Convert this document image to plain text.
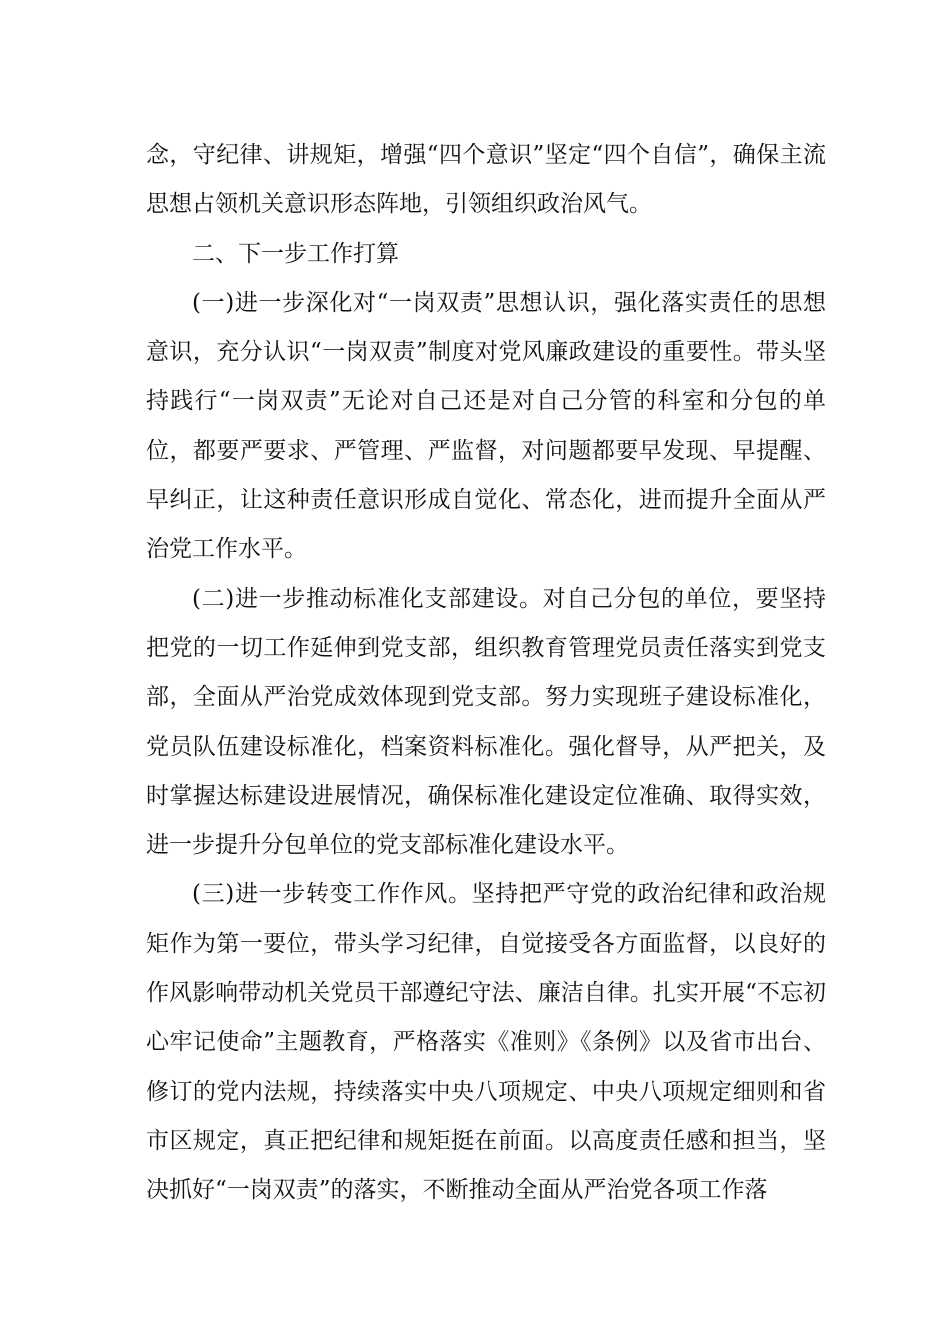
念，守纪律、讲规矩，增强“四个意识”坚定“四个自信”，确保主流思想占领机关意识形态阵地，引领组织政治风气。

二、下一步工作打算

(一)进一步深化对“一岗双责”思想认识，强化落实责任的思想意识，充分认识“一岗双责”制度对党风廉政建设的重要性。带头坚持践行“一岗双责”无论对自己还是对自己分管的科室和分包的单位，都要严要求、严管理、严监督，对问题都要早发现、早提醒、早纠正，让这种责任意识形成自觉化、常态化，进而提升全面从严治党工作水平。

(二)进一步推动标准化支部建设。对自己分包的单位，要坚持把党的一切工作延伸到党支部，组织教育管理党员责任落实到党支部，全面从严治党成效体现到党支部。努力实现班子建设标准化，党员队伍建设标准化，档案资料标准化。强化督导，从严把关，及时掌握达标建设进展情况，确保标准化建设定位准确、取得实效，进一步提升分包单位的党支部标准化建设水平。

(三)进一步转变工作作风。坚持把严守党的政治纪律和政治规矩作为第一要位，带头学习纪律，自觉接受各方面监督，以良好的作风影响带动机关党员干部遵纪守法、廉洁自律。扎实开展“不忘初心牢记使命”主题教育，严格落实《准则》《条例》以及省市出台、修订的党内法规，持续落实中央八项规定、中央八项规定细则和省市区规定，真正把纪律和规矩挺在前面。以高度责任感和担当，坚决抓好“一岗双责”的落实，不断推动全面从严治党各项工作落
